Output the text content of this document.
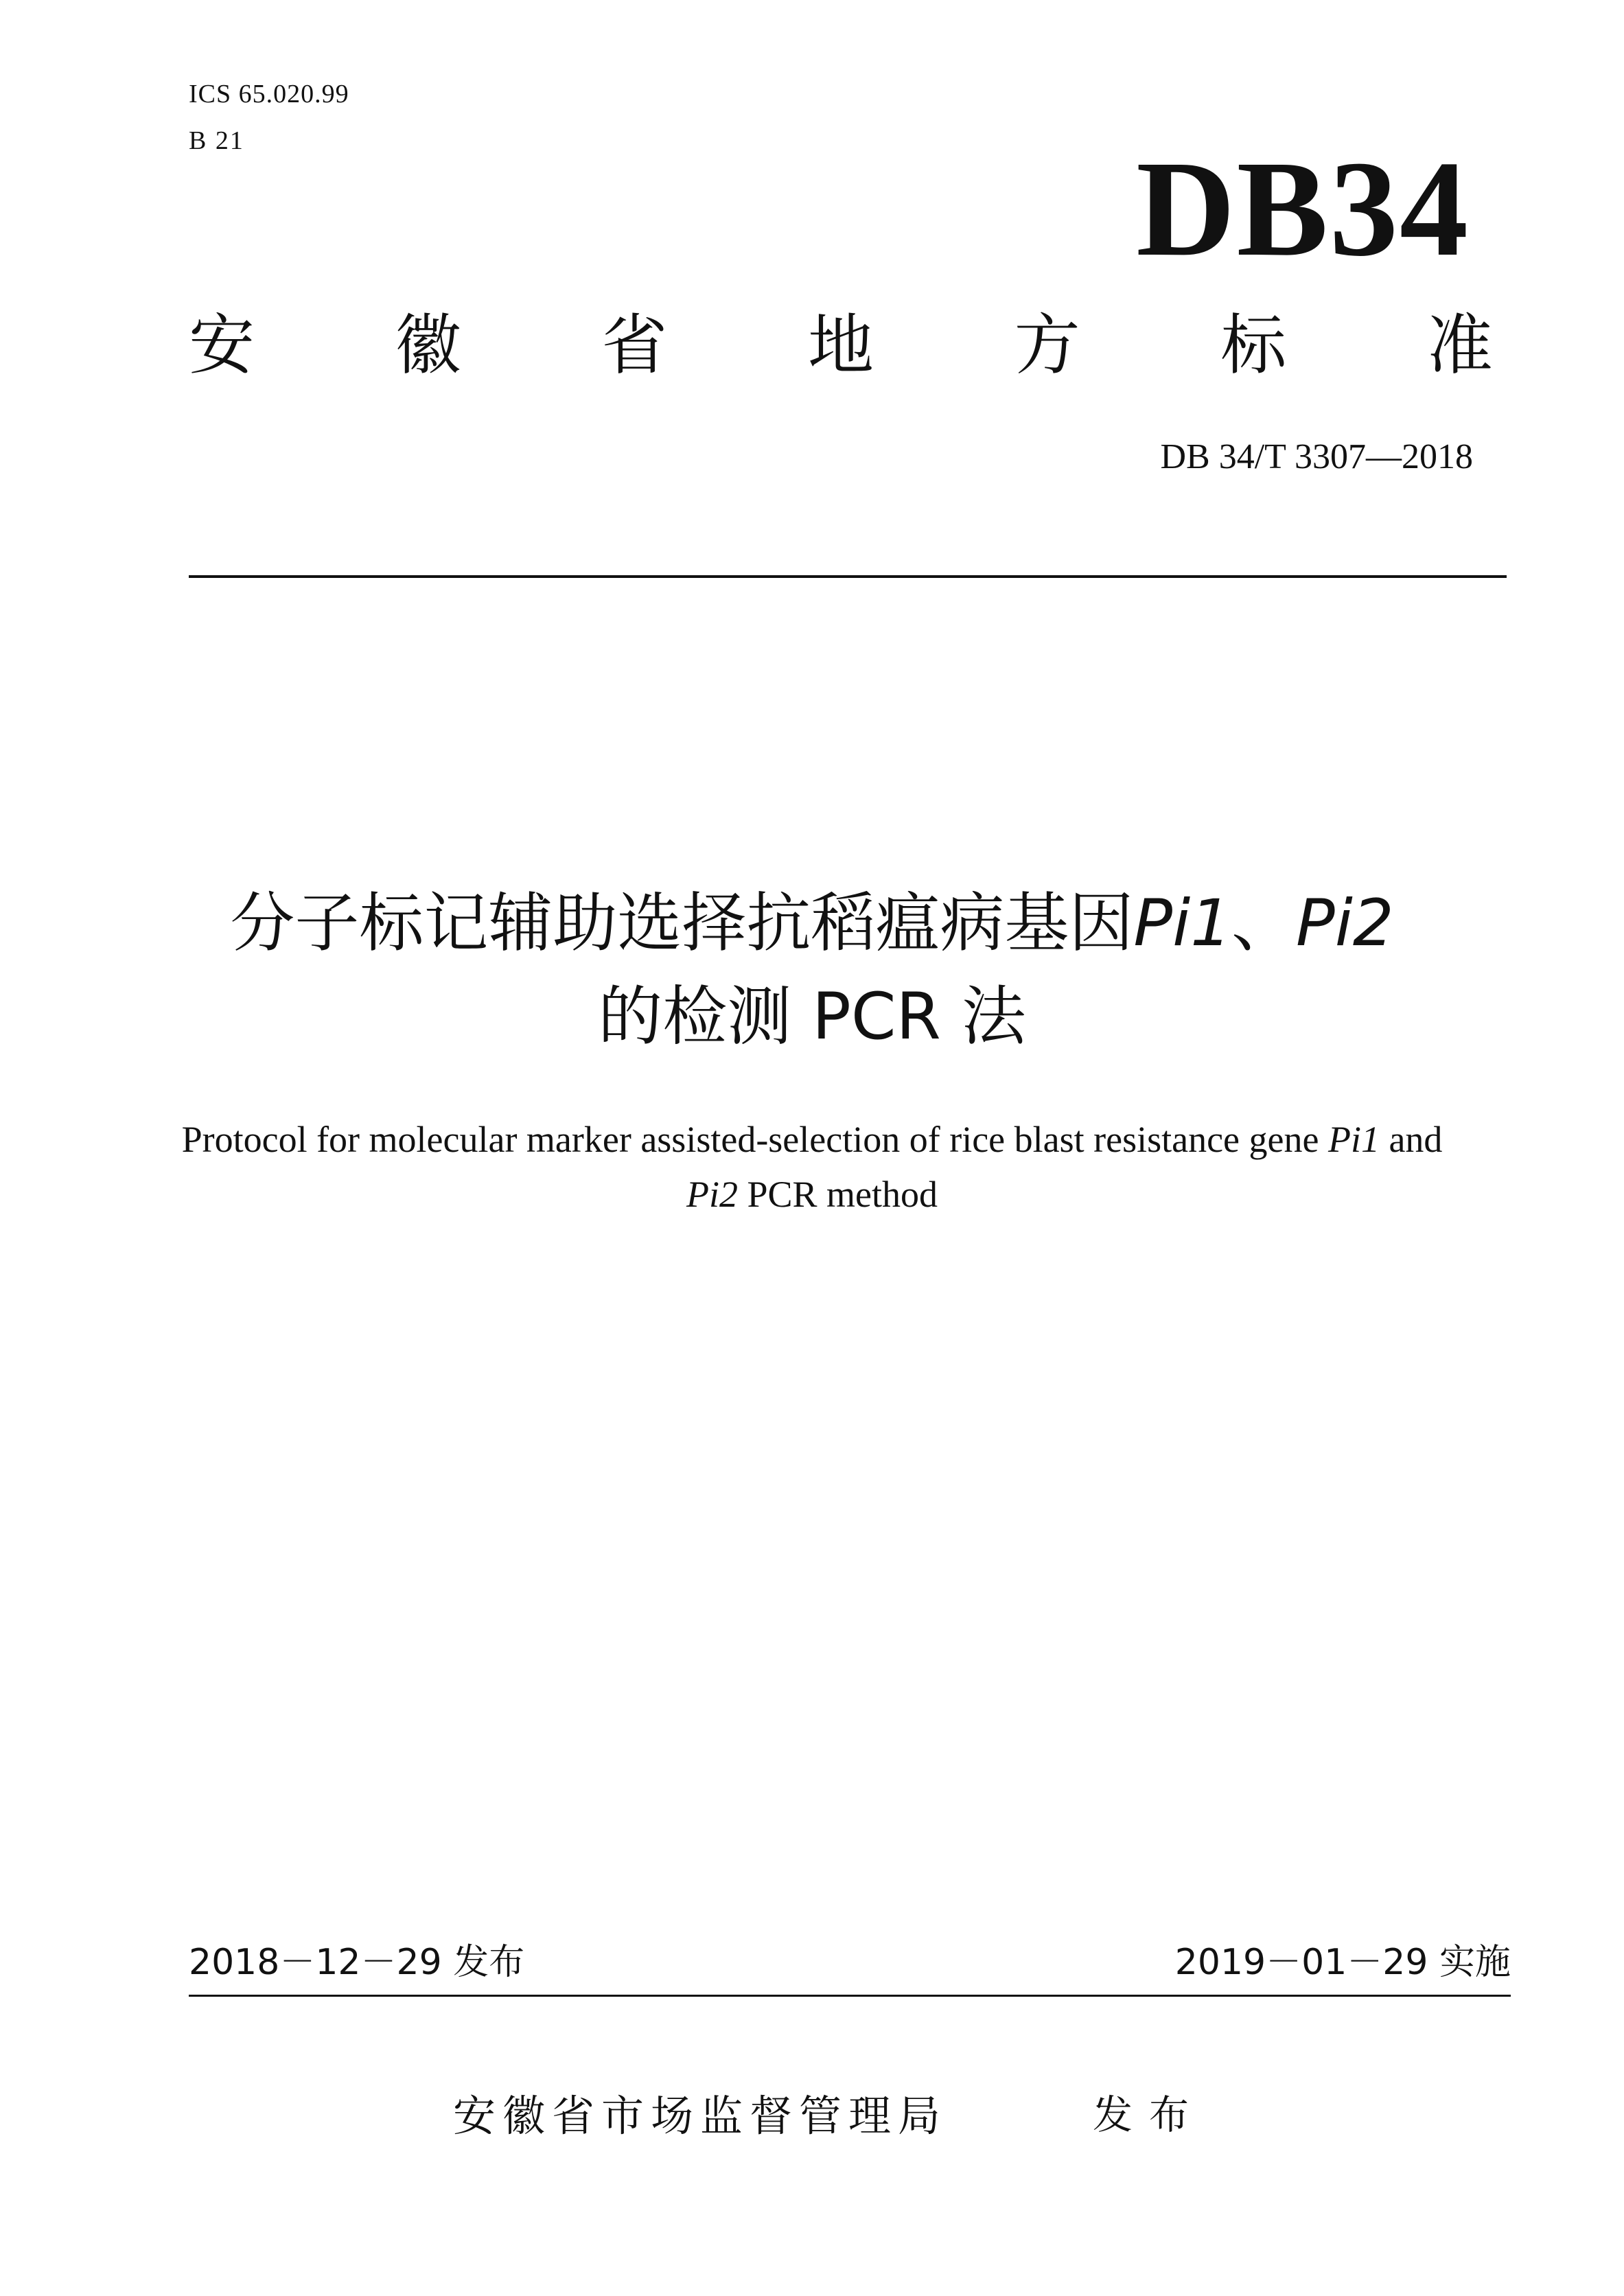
ICS 65.020.99
B 21	DB34
安 徽 省 地 方 标 准
DB 34/T 3307—2018
分子标记辅助选择抗稻瘟病基因Pi1、Pi2
的检测 PCR 法
Protocol for molecular marker assisted-selection of rice blast resistance gene Pi1 and
Pi2 PCR method
2018－12－29 发布	2019－01－29 实施
安徽省市场监督管理局	发布
